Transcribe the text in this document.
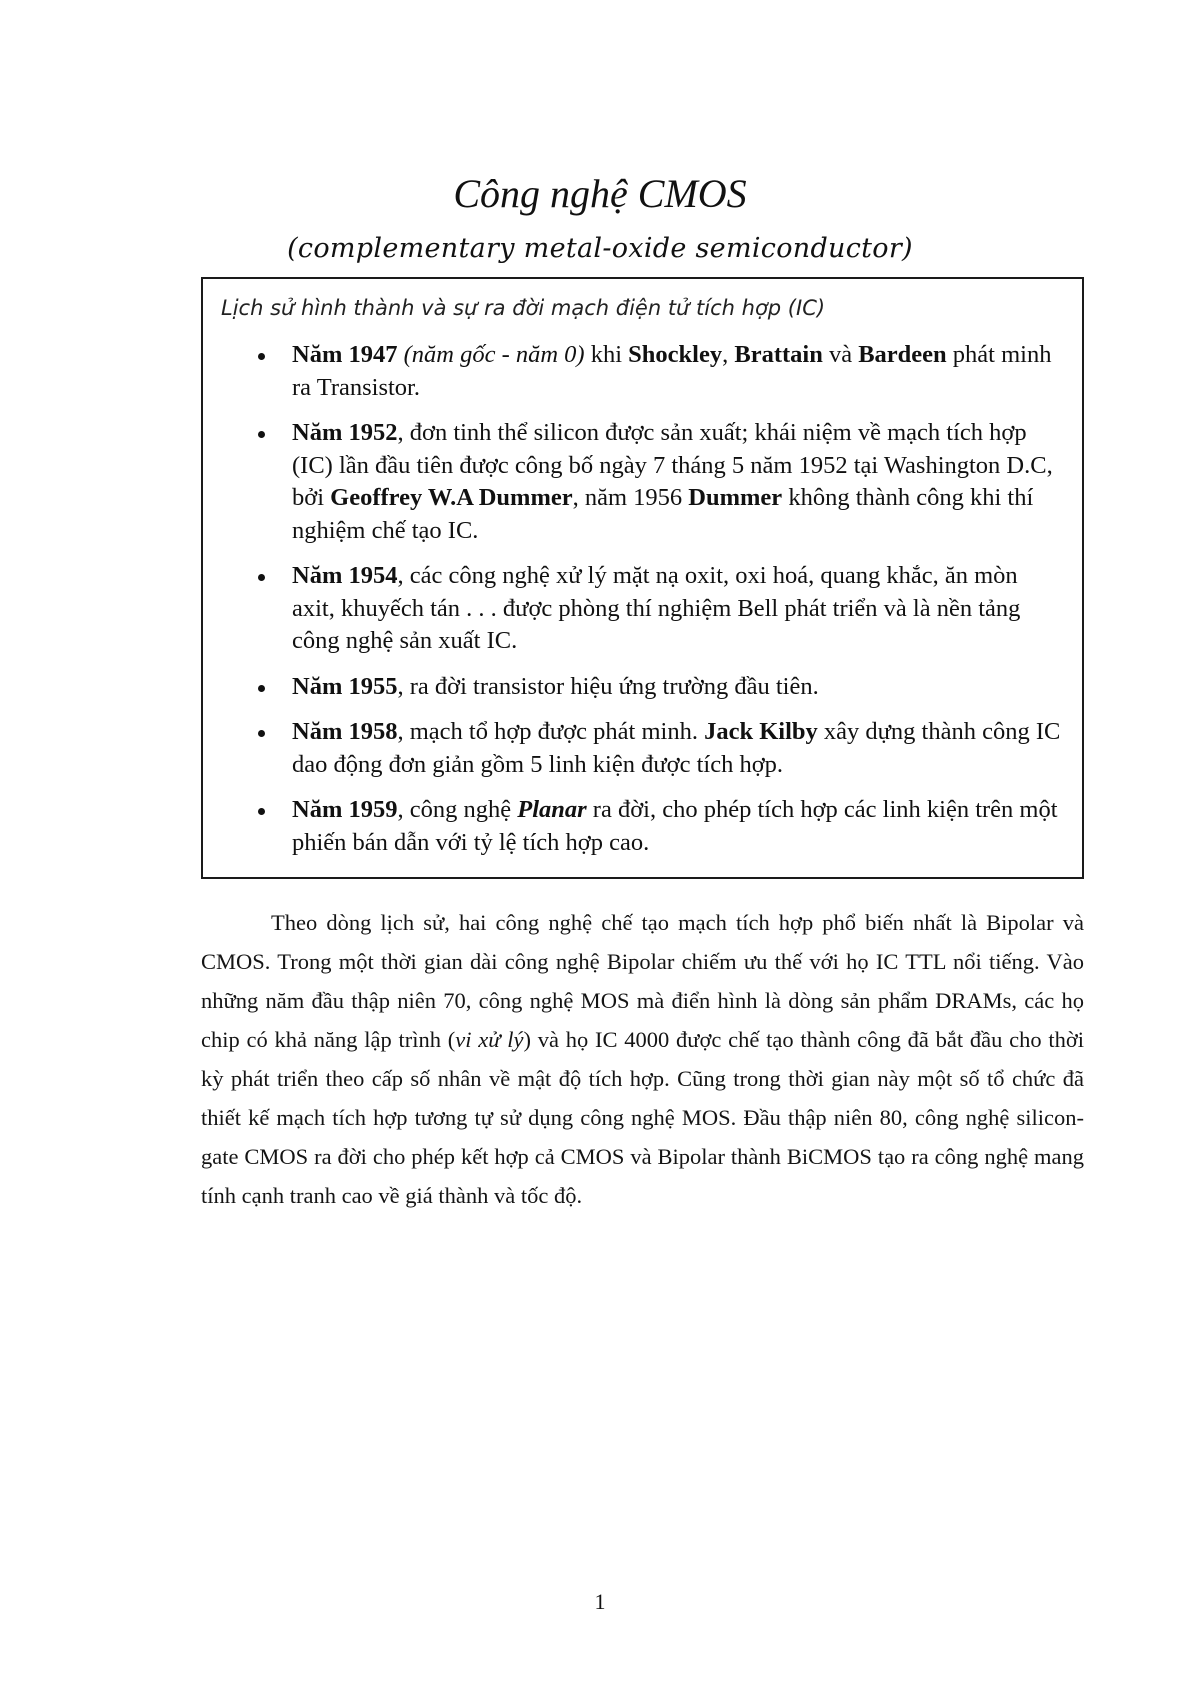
Công nghệ CMOS
(complementary metal-oxide semiconductor)
Lịch sử hình thành và sự ra đời mạch điện tử tích hợp (IC)
Năm 1947 (năm gốc - năm 0) khi Shockley, Brattain và Bardeen phát minh ra Transistor.
Năm 1952, đơn tinh thể silicon được sản xuất; khái niệm về mạch tích hợp (IC) lần đầu tiên được công bố ngày 7 tháng 5 năm 1952 tại Washington D.C, bởi Geoffrey W.A Dummer, năm 1956 Dummer không thành công khi thí nghiệm chế tạo IC.
Năm 1954, các công nghệ xử lý mặt nạ oxit, oxi hoá, quang khắc, ăn mòn axit, khuyếch tán . . . được phòng thí nghiệm Bell phát triển và là nền tảng công nghệ sản xuất IC.
Năm 1955, ra đời transistor hiệu ứng trường đầu tiên.
Năm 1958, mạch tổ hợp được phát minh. Jack Kilby xây dựng thành công IC dao động đơn giản gồm 5 linh kiện được tích hợp.
Năm 1959, công nghệ Planar ra đời, cho phép tích hợp các linh kiện trên một phiến bán dẫn với tỷ lệ tích hợp cao.

Theo dòng lịch sử, hai công nghệ chế tạo mạch tích hợp phổ biến nhất là Bipolar và CMOS. Trong một thời gian dài công nghệ Bipolar chiếm ưu thế với họ IC TTL nổi tiếng. Vào những năm đầu thập niên 70, công nghệ MOS mà điển hình là dòng sản phẩm DRAMs, các họ chip có khả năng lập trình (vi xử lý) và họ IC 4000 được chế tạo thành công đã bắt đầu cho thời kỳ phát triển theo cấp số nhân về mật độ tích hợp. Cũng trong thời gian này một số tổ chức đã thiết kế mạch tích hợp tương tự sử dụng công nghệ MOS. Đầu thập niên 80, công nghệ silicon-gate CMOS ra đời cho phép kết hợp cả CMOS và Bipolar thành BiCMOS tạo ra công nghệ mang tính cạnh tranh cao về giá thành và tốc độ.

1
